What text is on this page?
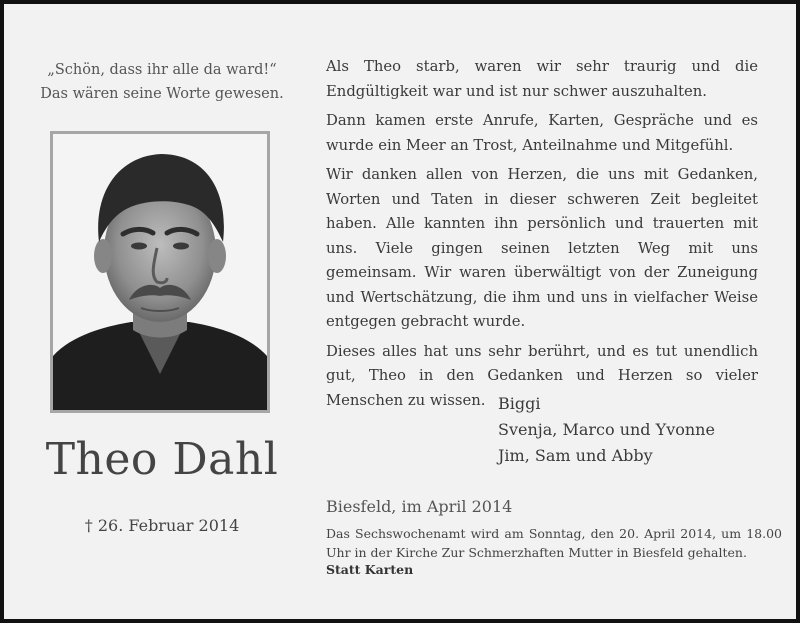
„Schön, dass ihr alle da ward!“
Das wären seine Worte gewesen.
Theo Dahl
† 26. Februar 2014

Als Theo starb, waren wir sehr traurig und die Endgültigkeit war und ist nur schwer auszuhalten.

Dann kamen erste Anrufe, Karten, Gespräche und es wurde ein Meer an Trost, Anteilnahme und Mitgefühl.

Wir danken allen von Herzen, die uns mit Gedanken, Worten und Taten in dieser schweren Zeit begleitet haben. Alle kannten ihn persönlich und trauerten mit uns. Viele gingen seinen letzten Weg mit uns gemeinsam. Wir waren überwältigt von der Zuneigung und Wertschätzung, die ihm und uns in vielfacher Weise entgegen gebracht wurde.

Dieses alles hat uns sehr berührt, und es tut unendlich gut, Theo in den Gedanken und Herzen so vieler Menschen zu wissen. Biggi
Svenja, Marco und Yvonne
Jim, Sam und Abby
Biesfeld, im April 2014
Das Sechswochenamt wird am Sonntag, den 20. April 2014, um 18.00 Uhr in der Kirche Zur Schmerzhaften Mutter in Biesfeld gehalten.
Statt Karten
